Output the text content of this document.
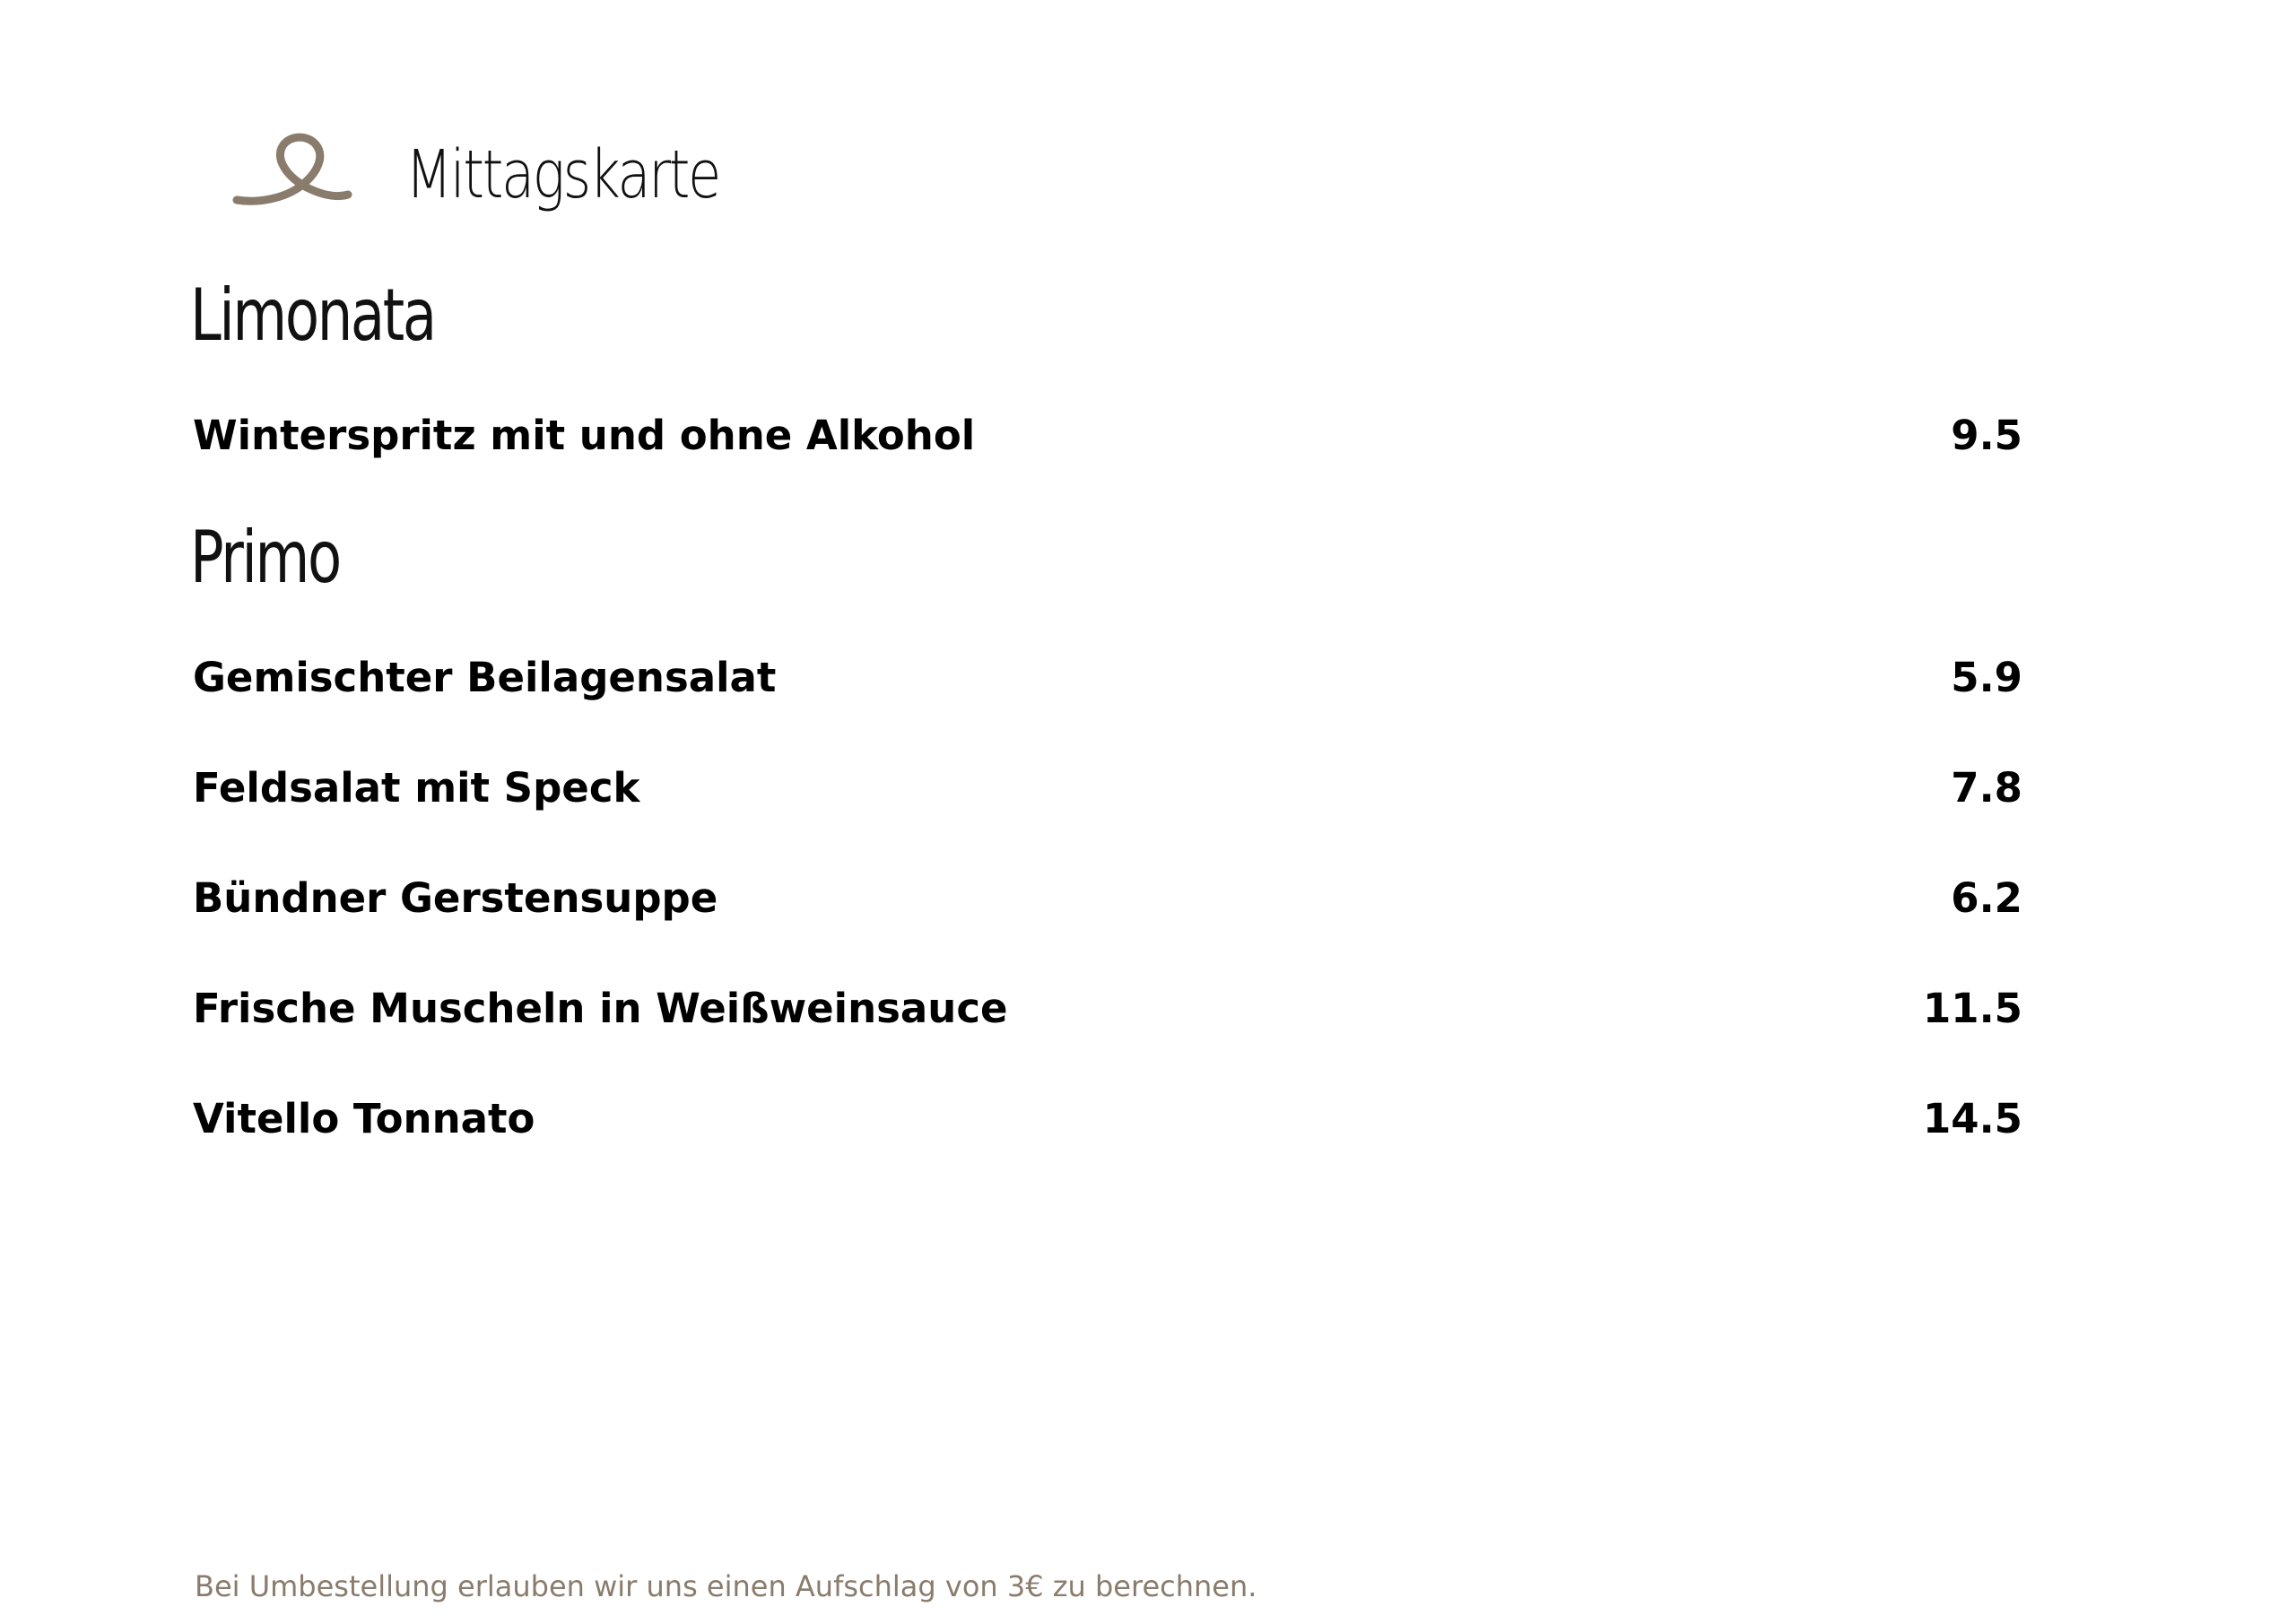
Mittagskarte
Limonata
Winterspritz mit und ohne Alkohol	9.5
Primo
Gemischter Beilagensalat	5.9
Feldsalat mit Speck	7.8
Bündner Gerstensuppe	6.2
Frische Muscheln in Weißweinsauce	11.5
Vitello Tonnato	14.5
Bei Umbestellung erlauben wir uns einen Aufschlag von 3€ zu berechnen.
